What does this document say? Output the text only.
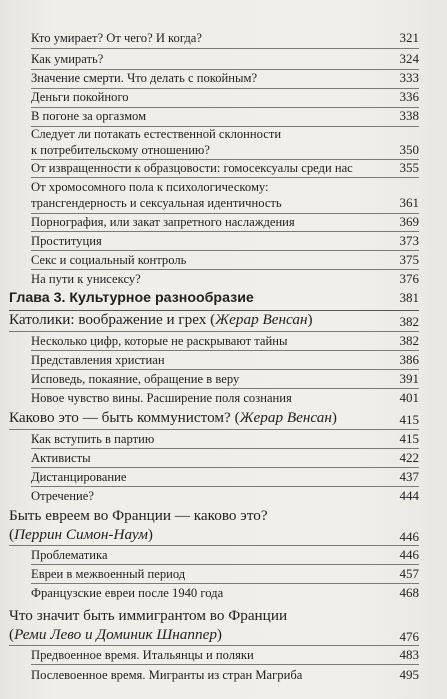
Кто умирает? От чего? И когда?	321
Как умирать?	324
Значение смерти. Что делать с покойным?	333
Деньги покойного	336
В погоне за оргазмом	338
Следует ли потакать естественной склонности
к потребительскому отношению?	350
От извращенности к образцовости: гомосексуалы среди нас	355
От хромосомного пола к психологическому:
трансгендерность и сексуальная идентичность	361
Порнография, или закат запретного наслаждения	369
Проституция	373
Секс и социальный контроль	375
На пути к унисексу?	376
Глава 3. Культурное разнообразие	381
Католики: воображение и грех (Жерар Венсан)	382
Несколько цифр, которые не раскрывают тайны	382
Представления христиан	386
Исповедь, покаяние, обращение в веру	391
Новое чувство вины. Расширение поля сознания	401
Каково это — быть коммунистом? (Жерар Венсан)	415
Как вступить в партию	415
Активисты	422
Дистанцирование	437
Отречение?	444
Быть евреем во Франции — каково это?
(Перрин Симон-Наум)	446
Проблематика	446
Евреи в межвоенный период	457
Французские евреи после 1940 года	468
Что значит быть иммигрантом во Франции
(Реми Лево и Доминик Шнаппер)	476
Предвоенное время. Итальянцы и поляки	483
Послевоенное время. Мигранты из стран Магриба	495
